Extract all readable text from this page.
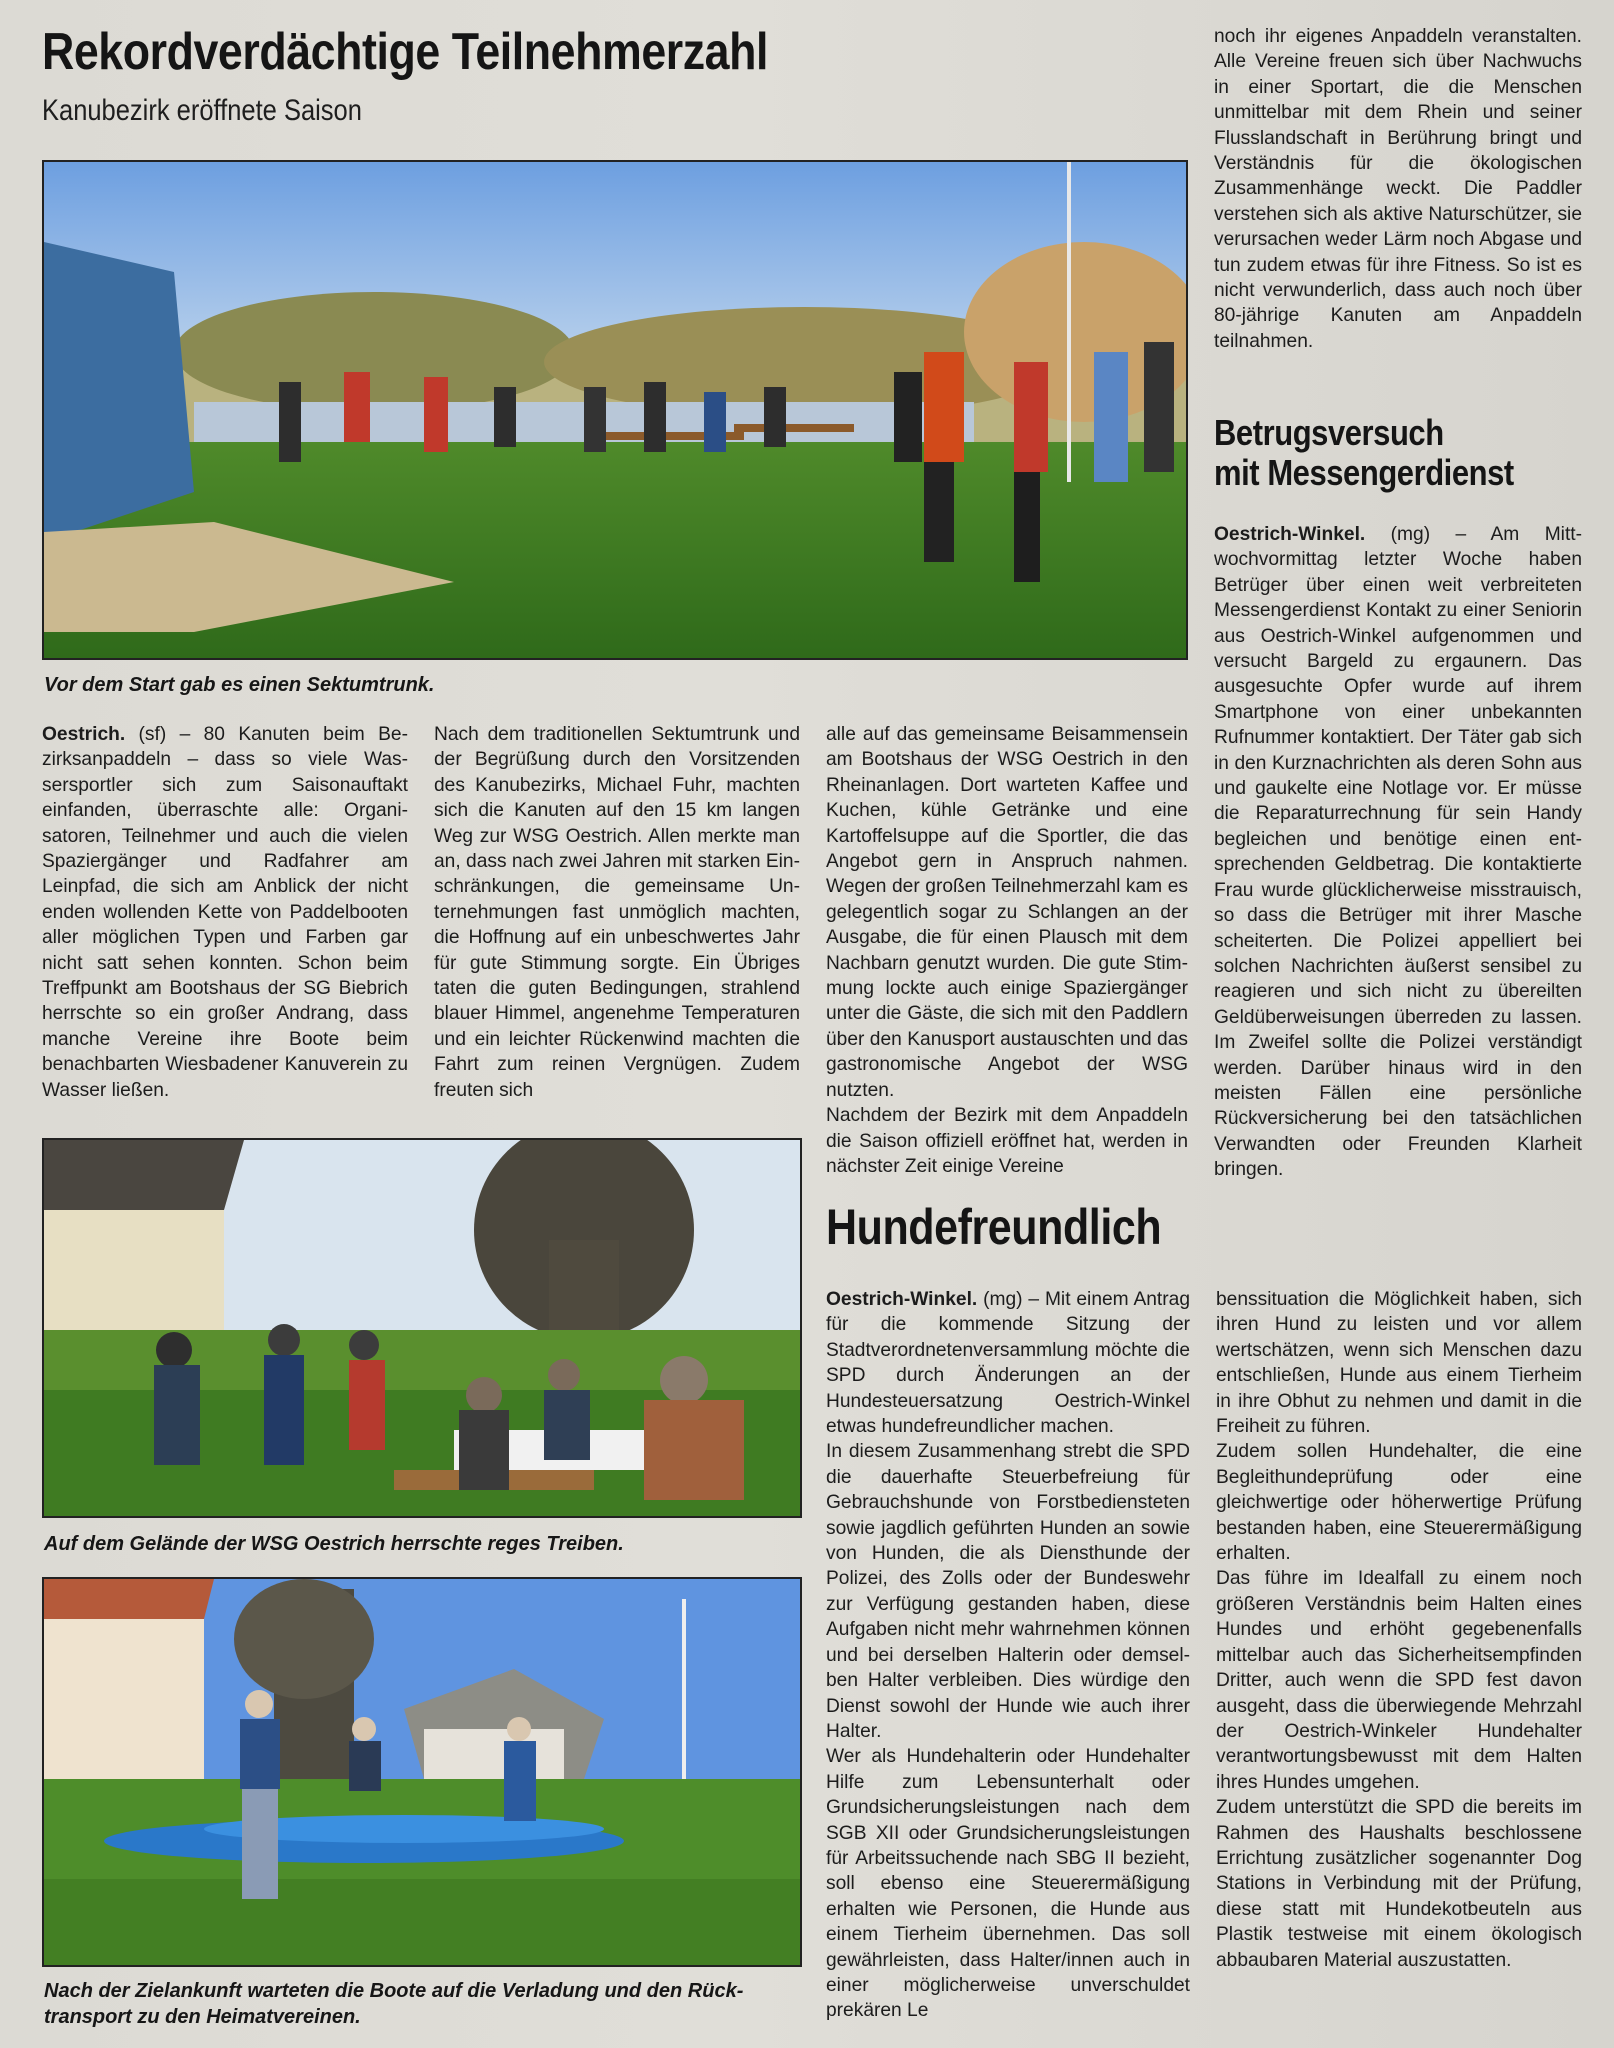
Rekordverdächtige Teilnehmerzahl
Kanubezirk eröffnete Saison

Vor dem Start gab es einen Sektumtrunk.

Oestrich. (sf) – 80 Kanuten beim Bezirksanpaddeln – dass so viele Wassersportler sich zum Saisonauftakt einfanden, überraschte alle: Organisatoren, Teilnehmer und auch die vielen Spaziergänger und Radfahrer am Leinpfad, die sich am Anblick der nicht enden wollenden Kette von Paddelbooten aller möglichen Typen und Farben gar nicht satt sehen konnten. Schon beim Treffpunkt am Bootshaus der SG Biebrich herrschte so ein großer Andrang, dass manche Vereine ihre Boote beim benachbarten Wiesbadener Kanuverein zu Wasser ließen.

Nach dem traditionellen Sektumtrunk und der Begrüßung durch den Vorsitzenden des Kanubezirks, Michael Fuhr, machten sich die Kanuten auf den 15 km langen Weg zur WSG Oestrich. Allen merkte man an, dass nach zwei Jahren mit starken Einschränkungen, die gemeinsame Unternehmungen fast unmöglich machten, die Hoffnung auf ein unbeschwertes Jahr für gute Stimmung sorgte. Ein Übriges taten die guten Bedingungen, strahlend blauer Himmel, angenehme Temperaturen und ein leichter Rückenwind machten die Fahrt zum reinen Vergnügen. Zudem freuten sich

alle auf das gemeinsame Beisammensein am Bootshaus der WSG Oestrich in den Rheinanlagen. Dort warteten Kaffee und Kuchen, kühle Getränke und eine Kartoffelsuppe auf die Sportler, die das Angebot gern in Anspruch nahmen. Wegen der großen Teilnehmerzahl kam es gelegentlich sogar zu Schlangen an der Ausgabe, die für einen Plausch mit dem Nachbarn genutzt wurden. Die gute Stimmung lockte auch einige Spaziergänger unter die Gäste, die sich mit den Paddlern über den Kanusport austauschten und das gastronomische Angebot der WSG nutzten.

Nachdem der Bezirk mit dem Anpaddeln die Saison offiziell eröffnet hat, werden in nächster Zeit einige Vereine

Auf dem Gelände der WSG Oestrich herrschte reges Treiben.

Nach der Zielankunft warteten die Boote auf die Verladung und den Rücktransport zu den Heimatvereinen.

noch ihr eigenes Anpaddeln veranstalten. Alle Vereine freuen sich über Nachwuchs in einer Sportart, die die Menschen unmittelbar mit dem Rhein und seiner Flusslandschaft in Berührung bringt und Verständnis für die ökologischen Zusammenhänge weckt. Die Paddler verstehen sich als aktive Naturschützer, sie verursachen weder Lärm noch Abgase und tun zudem etwas für ihre Fitness. So ist es nicht verwunderlich, dass auch noch über 80-jährige Kanuten am Anpaddeln teilnahmen.

Betrugsversuch
mit Messengerdienst

Oestrich-Winkel. (mg) – Am Mittwochvormittag letzter Woche haben Betrüger über einen weit verbreiteten Messengerdienst Kontakt zu einer Seniorin aus Oestrich-Winkel aufgenommen und versucht Bargeld zu ergaunern. Das ausgesuchte Opfer wurde auf ihrem Smartphone von einer unbekannten Rufnummer kontaktiert. Der Täter gab sich in den Kurznachrichten als deren Sohn aus und gaukelte eine Notlage vor. Er müsse die Reparaturrechnung für sein Handy begleichen und benötige einen entsprechenden Geldbetrag. Die kontaktierte Frau wurde glücklicherweise misstrauisch, so dass die Betrüger mit ihrer Masche scheiterten. Die Polizei appelliert bei solchen Nachrichten äußerst sensibel zu reagieren und sich nicht zu übereilten Geldüberweisungen überreden zu lassen. Im Zweifel sollte die Polizei verständigt werden. Darüber hinaus wird in den meisten Fällen eine persönliche Rückversicherung bei den tatsächlichen Verwandten oder Freunden Klarheit bringen.

Hundefreundlich

Oestrich-Winkel. (mg) – Mit einem Antrag für die kommende Sitzung der Stadtverordnetenversammlung möchte die SPD durch Änderungen an der Hundesteuersatzung Oestrich-Winkel etwas hundefreundlicher machen.

In diesem Zusammenhang strebt die SPD die dauerhafte Steuerbefreiung für Gebrauchshunde von Forstbediensteten sowie jagdlich geführten Hunden an sowie von Hunden, die als Diensthunde der Polizei, des Zolls oder der Bundeswehr zur Verfügung gestanden haben, diese Aufgaben nicht mehr wahrnehmen können und bei derselben Halterin oder demselben Halter verbleiben. Dies würdige den Dienst sowohl der Hunde wie auch ihrer Halter.

Wer als Hundehalterin oder Hundehalter Hilfe zum Lebensunterhalt oder Grundsicherungsleistungen nach dem SGB XII oder Grundsicherungsleistungen für Arbeitssuchende nach SBG II bezieht, soll ebenso eine Steuerermäßigung erhalten wie Personen, die Hunde aus einem Tierheim übernehmen. Das soll gewährleisten, dass Halter/innen auch in einer möglicherweise unverschuldet prekären Le

benssituation die Möglichkeit haben, sich ihren Hund zu leisten und vor allem wertschätzen, wenn sich Menschen dazu entschließen, Hunde aus einem Tierheim in ihre Obhut zu nehmen und damit in die Freiheit zu führen.

Zudem sollen Hundehalter, die eine Begleithundeprüfung oder eine gleichwertige oder höherwertige Prüfung bestanden haben, eine Steuerermäßigung erhalten.

Das führe im Idealfall zu einem noch größeren Verständnis beim Halten eines Hundes und erhöht gegebenenfalls mittelbar auch das Sicherheitsempfinden Dritter, auch wenn die SPD fest davon ausgeht, dass die überwiegende Mehrzahl der Oestrich-Winkeler Hundehalter verantwortungsbewusst mit dem Halten ihres Hundes umgehen.

Zudem unterstützt die SPD die bereits im Rahmen des Haushalts beschlossene Errichtung zusätzlicher sogenannter Dog Stations in Verbindung mit der Prüfung, diese statt mit Hundekotbeuteln aus Plastik testweise mit einem ökologisch abbaubaren Material auszustatten.
